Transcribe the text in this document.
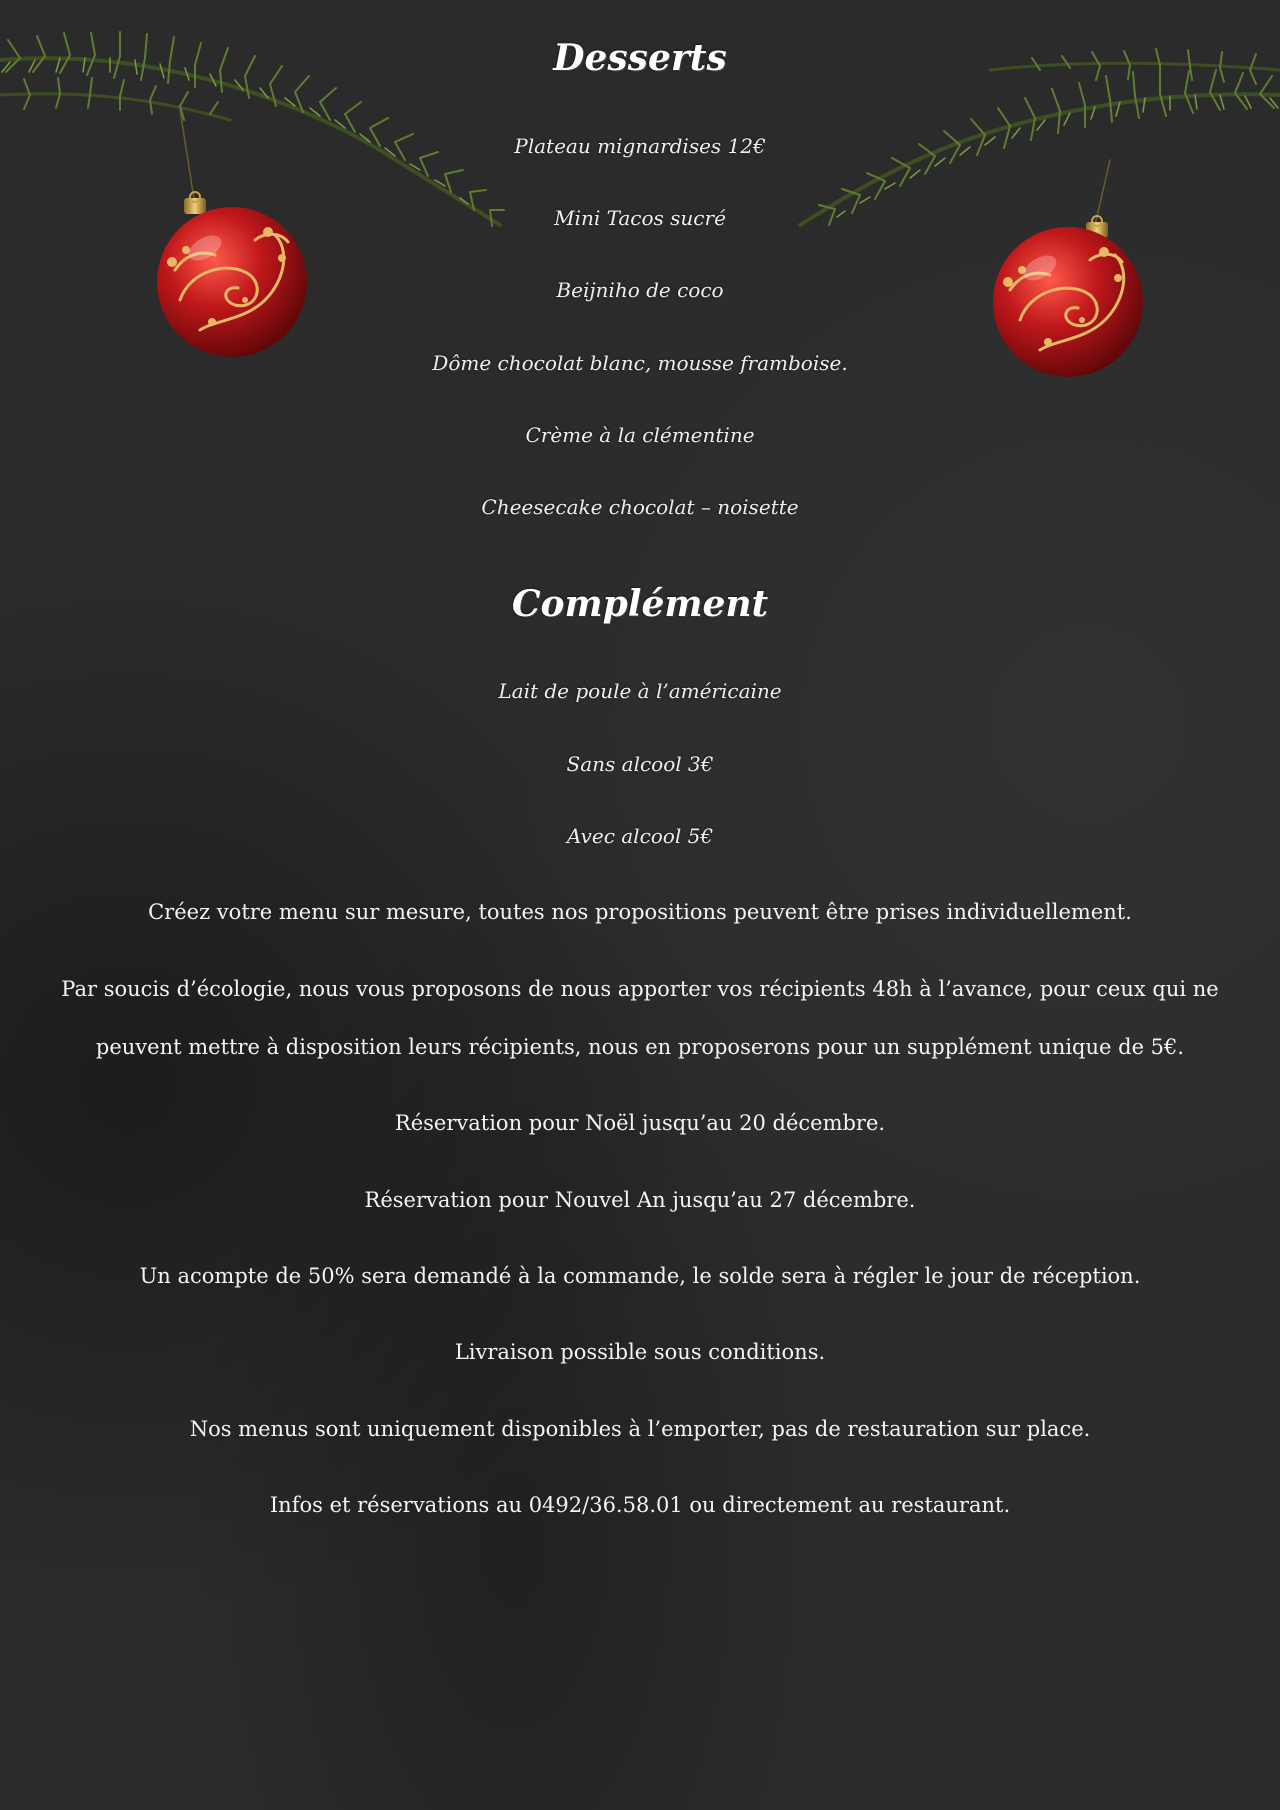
Desserts

Plateau mignardises 12€

Mini Tacos sucré

Beijniho de coco

Dôme chocolat blanc, mousse framboise.

Crème à la clémentine

Cheesecake chocolat – noisette

Complément

Lait de poule à l’américaine

Sans alcool 3€

Avec alcool 5€

Créez votre menu sur mesure, toutes nos propositions peuvent être prises individuellement.

Par soucis d’écologie, nous vous proposons de nous apporter vos récipients 48h à l’avance, pour ceux qui ne peuvent mettre à disposition leurs récipients, nous en proposerons pour un supplément unique de 5€.

Réservation pour Noël jusqu’au 20 décembre.

Réservation pour Nouvel An jusqu’au 27 décembre.

Un acompte de 50% sera demandé à la commande, le solde sera à régler le jour de réception.

Livraison possible sous conditions.

Nos menus sont uniquement disponibles à l’emporter, pas de restauration sur place.

Infos et réservations au 0492/36.58.01 ou directement au restaurant.
